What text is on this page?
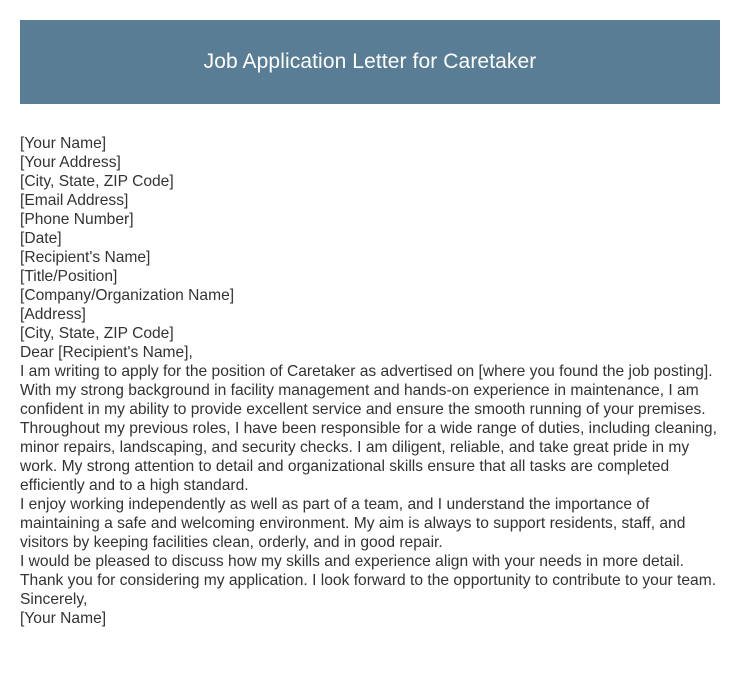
Job Application Letter for Caretaker
[Your Name]
[Your Address]
[City, State, ZIP Code]
[Email Address]
[Phone Number]
[Date]
[Recipient's Name]
[Title/Position]
[Company/Organization Name]
[Address]
[City, State, ZIP Code]
Dear [Recipient's Name],
I am writing to apply for the position of Caretaker as advertised on [where you found the job posting]. With my strong background in facility management and hands-on experience in maintenance, I am confident in my ability to provide excellent service and ensure the smooth running of your premises.
Throughout my previous roles, I have been responsible for a wide range of duties, including cleaning, minor repairs, landscaping, and security checks. I am diligent, reliable, and take great pride in my work. My strong attention to detail and organizational skills ensure that all tasks are completed efficiently and to a high standard.
I enjoy working independently as well as part of a team, and I understand the importance of maintaining a safe and welcoming environment. My aim is always to support residents, staff, and visitors by keeping facilities clean, orderly, and in good repair.
I would be pleased to discuss how my skills and experience align with your needs in more detail. Thank you for considering my application. I look forward to the opportunity to contribute to your team.
Sincerely,
[Your Name]
